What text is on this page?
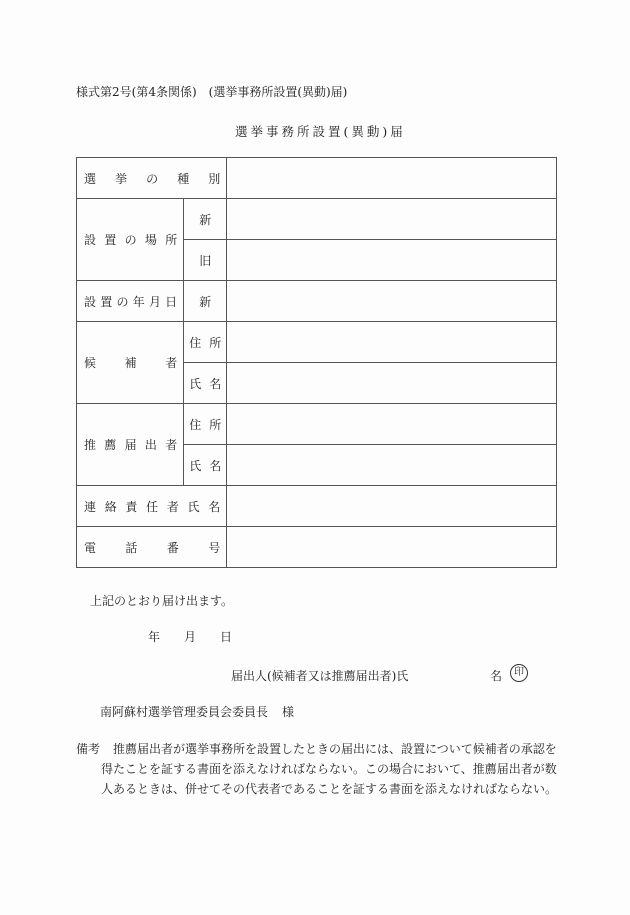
様式第2号(第4条関係) (選挙事務所設置(異動)届)
選挙事務所設置(異動)届
選 挙 の 種 別		

設 置 の 場 所	新	
	旧	

設 置 の 年 月 日	新	

候 補 者	住 所	

	氏 名	

推 薦 届 出 者	住 所	

	氏 名	

連 絡 責 任 者 氏 名

電 話 番 号		

上記のとおり届け出ます。
年 月 日
届出人(候補者又は推薦届出者)氏	名	印
南阿蘇村選挙管理委員会委員長 様
備考 推薦届出者が選挙事務所を設置したときの届出には、設置について候補者の承認を
得たことを証する書面を添えなければならない。この場合において、推薦届出者が数
人あるときは、併せてその代表者であることを証する書面を添えなければならない。
